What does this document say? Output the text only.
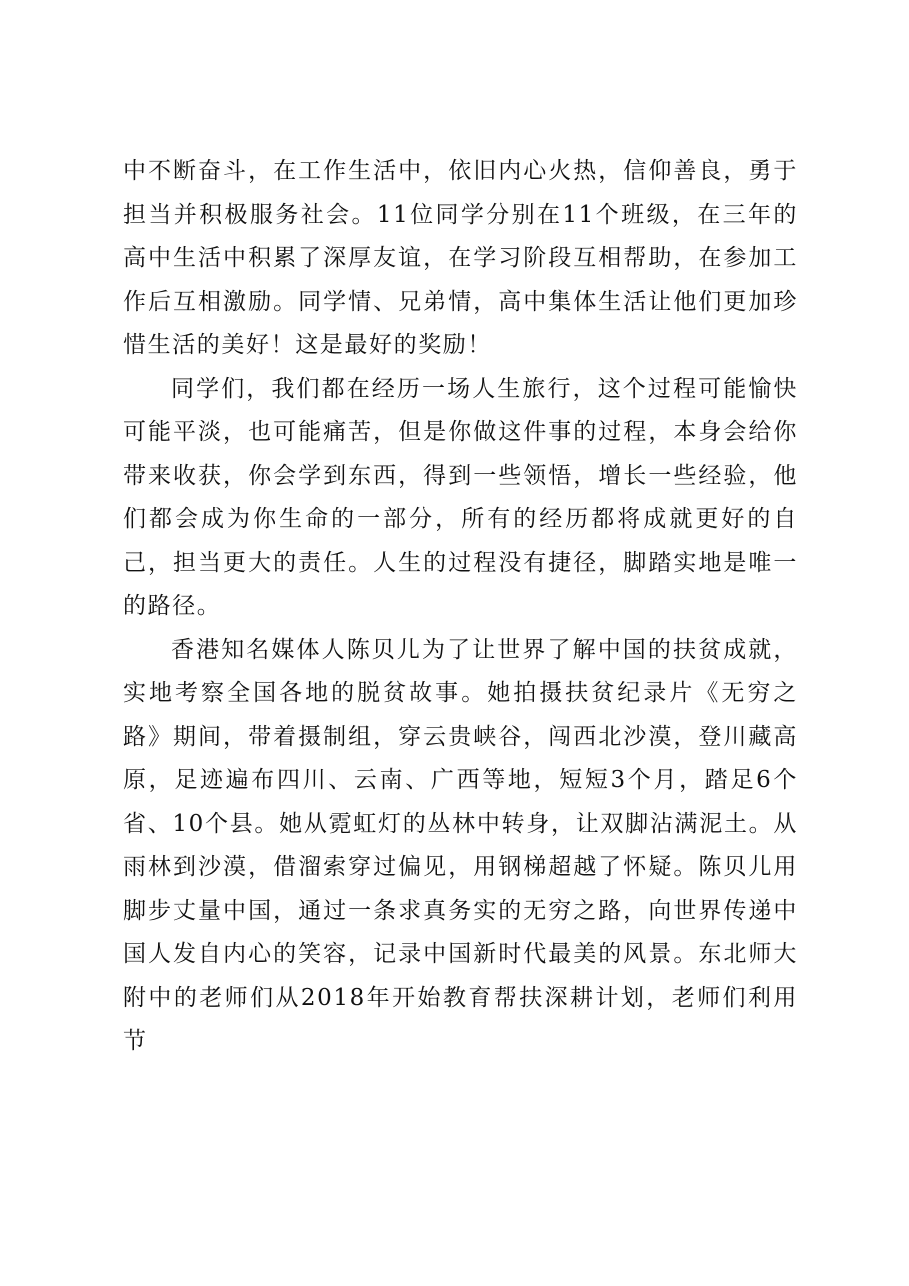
中不断奋斗，在工作生活中，依旧内心火热，信仰善良，勇于担当并积极服务社会。11位同学分别在11个班级，在三年的高中生活中积累了深厚友谊，在学习阶段互相帮助，在参加工作后互相激励。同学情、兄弟情，高中集体生活让他们更加珍惜生活的美好！这是最好的奖励！

同学们，我们都在经历一场人生旅行，这个过程可能愉快可能平淡，也可能痛苦，但是你做这件事的过程，本身会给你带来收获，你会学到东西，得到一些领悟，增长一些经验，他们都会成为你生命的一部分，所有的经历都将成就更好的自己，担当更大的责任。人生的过程没有捷径，脚踏实地是唯一的路径。

香港知名媒体人陈贝儿为了让世界了解中国的扶贫成就，实地考察全国各地的脱贫故事。她拍摄扶贫纪录片《无穷之路》期间，带着摄制组，穿云贵峡谷，闯西北沙漠，登川藏高原，足迹遍布四川、云南、广西等地，短短3个月，踏足6个省、10个县。她从霓虹灯的丛林中转身，让双脚沾满泥土。从雨林到沙漠，借溜索穿过偏见，用钢梯超越了怀疑。陈贝儿用脚步丈量中国，通过一条求真务实的无穷之路，向世界传递中国人发自内心的笑容，记录中国新时代最美的风景。东北师大附中的老师们从2018年开始教育帮扶深耕计划，老师们利用节
